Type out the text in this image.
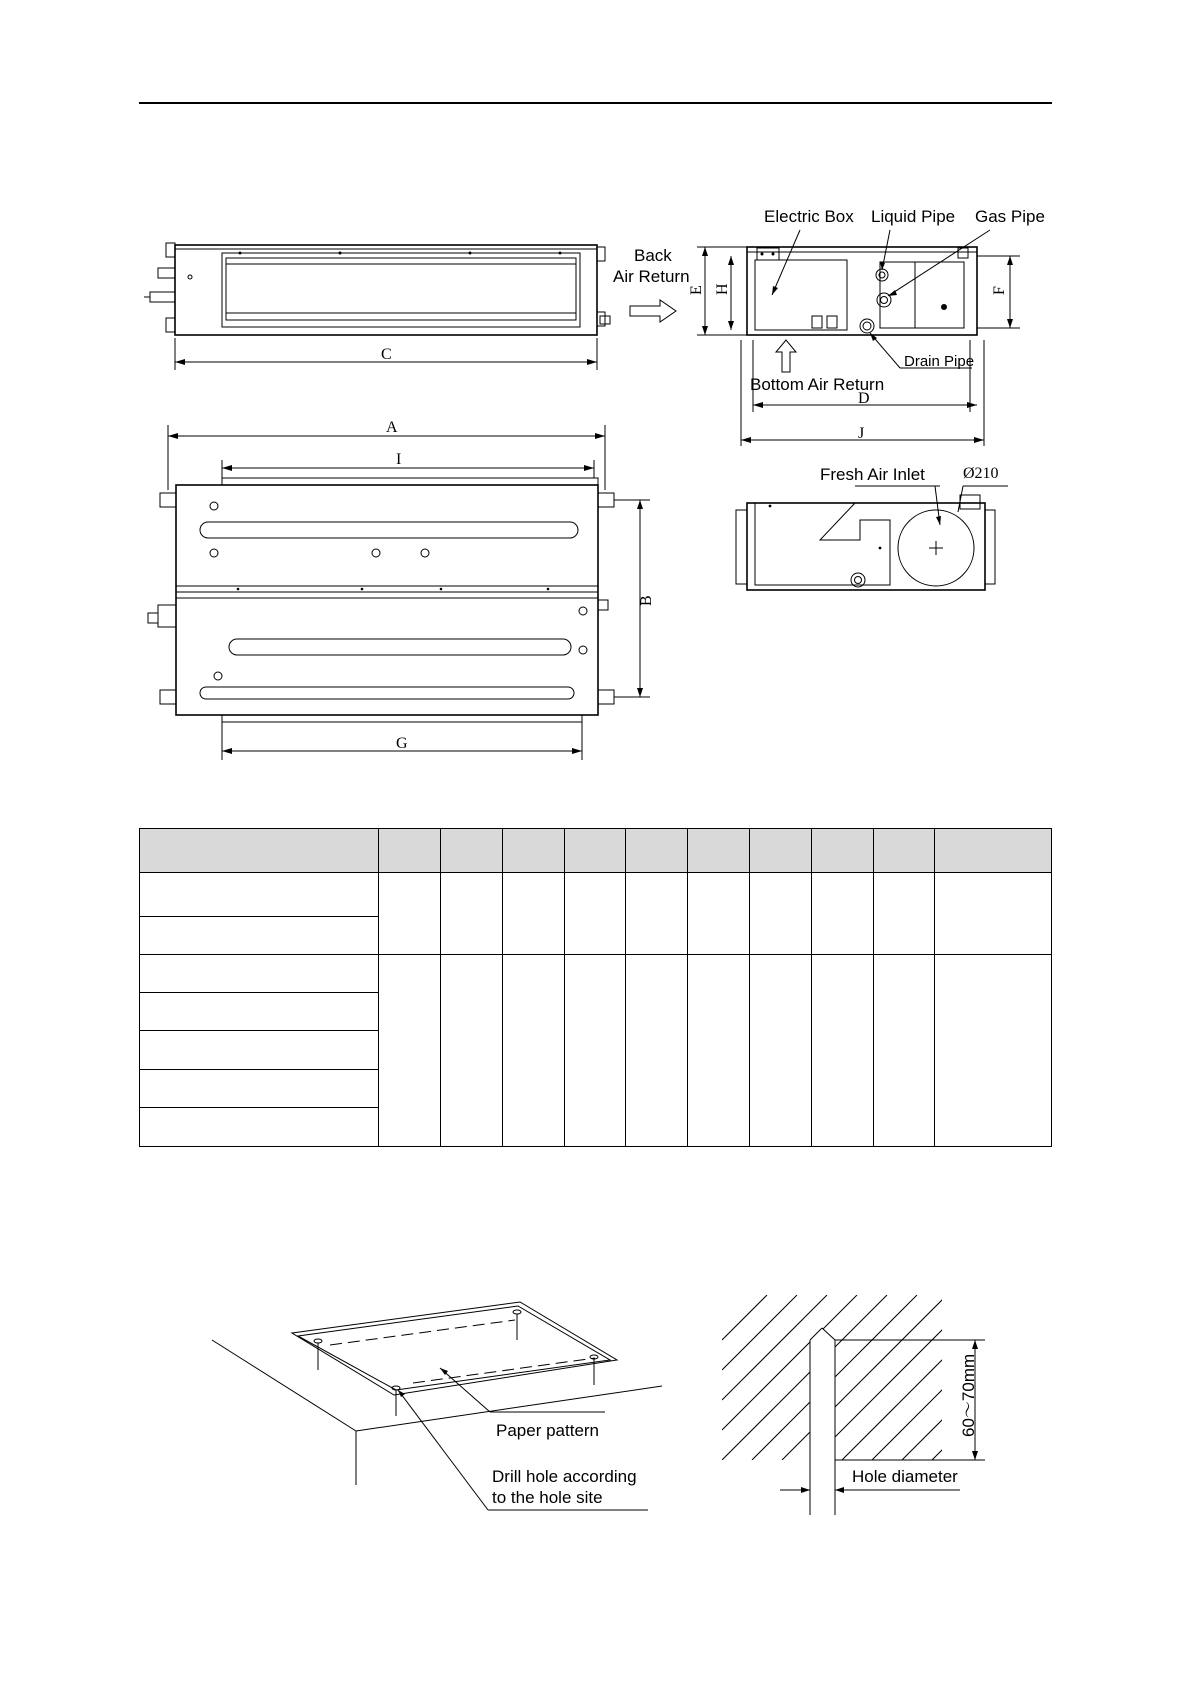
C
Back
Air Return
Electric Box Liquid Pipe Gas Pipe
Drain Pipe
Bottom Air Return
E H	F
D
J
A
I
B
G
Fresh Air Inlet Ø210
Paper pattern
Drill hole according
to the hole site
60～70mm
Hole diameter
